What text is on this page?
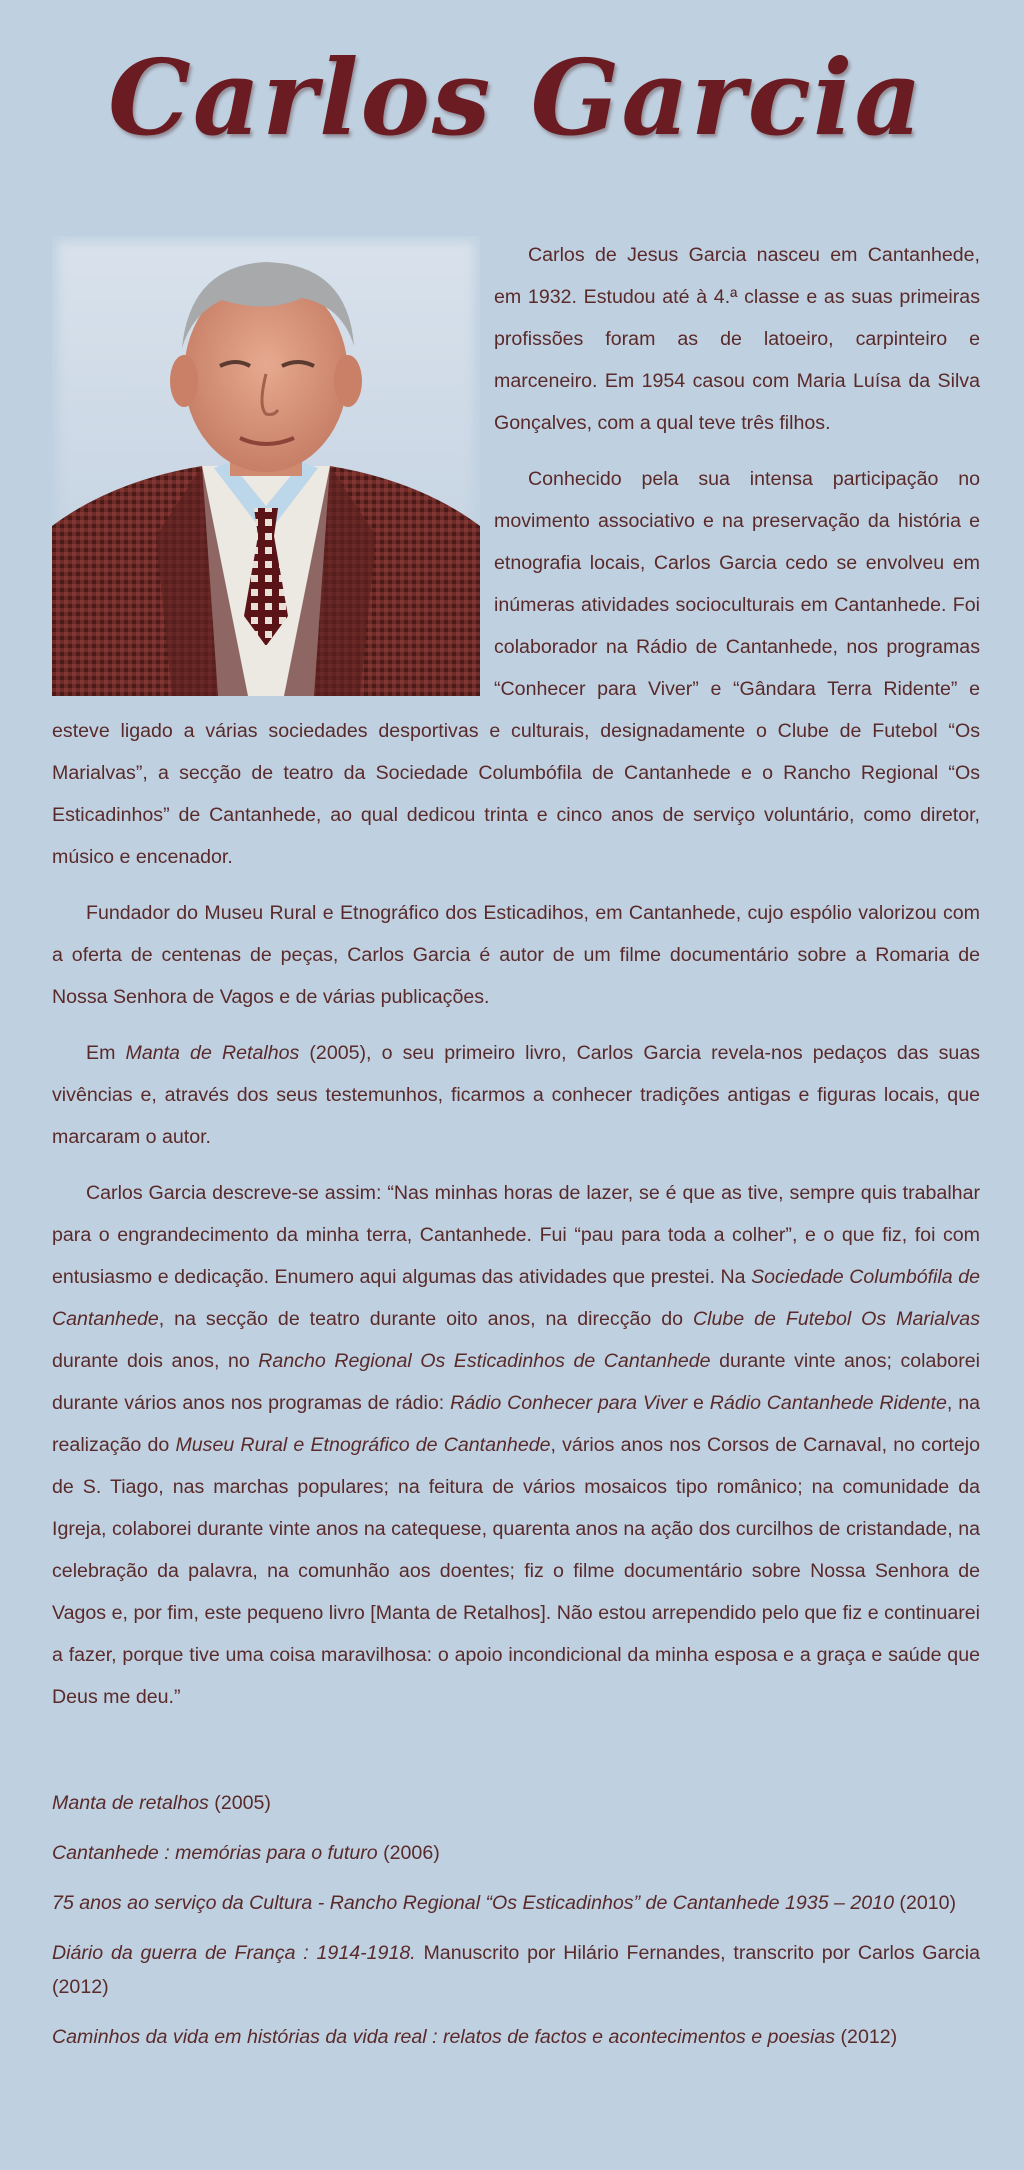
Carlos Garcia

Carlos de Jesus Garcia nasceu em Cantanhede, em 1932. Estudou até à 4.ª classe e as suas primeiras profissões foram as de latoeiro, carpinteiro e marceneiro. Em 1954 casou com Maria Luísa da Silva Gonçalves, com a qual teve três filhos.

Conhecido pela sua intensa participação no movimento associativo e na preservação da história e etnografia locais, Carlos Garcia cedo se envolveu em inúmeras atividades socioculturais em Cantanhede. Foi colaborador na Rádio de Cantanhede, nos programas “Conhecer para Viver” e “Gândara Terra Ridente” e esteve ligado a várias sociedades desportivas e culturais, designadamente o Clube de Futebol “Os Marialvas”, a secção de teatro da Sociedade Columbófila de Cantanhede e o Rancho Regional “Os Esticadinhos” de Cantanhede, ao qual dedicou trinta e cinco anos de serviço voluntário, como diretor, músico e encenador.

Fundador do Museu Rural e Etnográfico dos Esticadihos, em Cantanhede, cujo espólio valorizou com a oferta de centenas de peças, Carlos Garcia é autor de um filme documentário sobre a Romaria de Nossa Senhora de Vagos e de várias publicações.

Em Manta de Retalhos (2005), o seu primeiro livro, Carlos Garcia revela-nos pedaços das suas vivências e, através dos seus testemunhos, ficarmos a conhecer tradições antigas e figuras locais, que marcaram o autor.

Carlos Garcia descreve-se assim: “Nas minhas horas de lazer, se é que as tive, sempre quis trabalhar para o engrandecimento da minha terra, Cantanhede. Fui “pau para toda a colher”, e o que fiz, foi com entusiasmo e dedicação. Enumero aqui algumas das atividades que prestei. Na Sociedade Columbófila de Cantanhede, na secção de teatro durante oito anos, na direcção do Clube de Futebol Os Marialvas durante dois anos, no Rancho Regional Os Esticadinhos de Cantanhede durante vinte anos; colaborei durante vários anos nos programas de rádio: Rádio Conhecer para Viver e Rádio Cantanhede Ridente, na realização do Museu Rural e Etnográfico de Cantanhede, vários anos nos Corsos de Carnaval, no cortejo de S. Tiago, nas marchas populares; na feitura de vários mosaicos tipo românico; na comunidade da Igreja, colaborei durante vinte anos na catequese, quarenta anos na ação dos curcilhos de cristandade, na celebração da palavra, na comunhão aos doentes; fiz o filme documentário sobre Nossa Senhora de Vagos e, por fim, este pequeno livro [Manta de Retalhos]. Não estou arrependido pelo que fiz e continuarei a fazer, porque tive uma coisa maravilhosa: o apoio incondicional da minha esposa e a graça e saúde que Deus me deu.”

Manta de retalhos (2005)

Cantanhede : memórias para o futuro (2006)

75 anos ao serviço da Cultura - Rancho Regional “Os Esticadinhos” de Cantanhede 1935 – 2010 (2010)

Diário da guerra de França : 1914-1918. Manuscrito por Hilário Fernandes, transcrito por Carlos Garcia (2012)

Caminhos da vida em histórias da vida real : relatos de factos e acontecimentos e poesias (2012)
